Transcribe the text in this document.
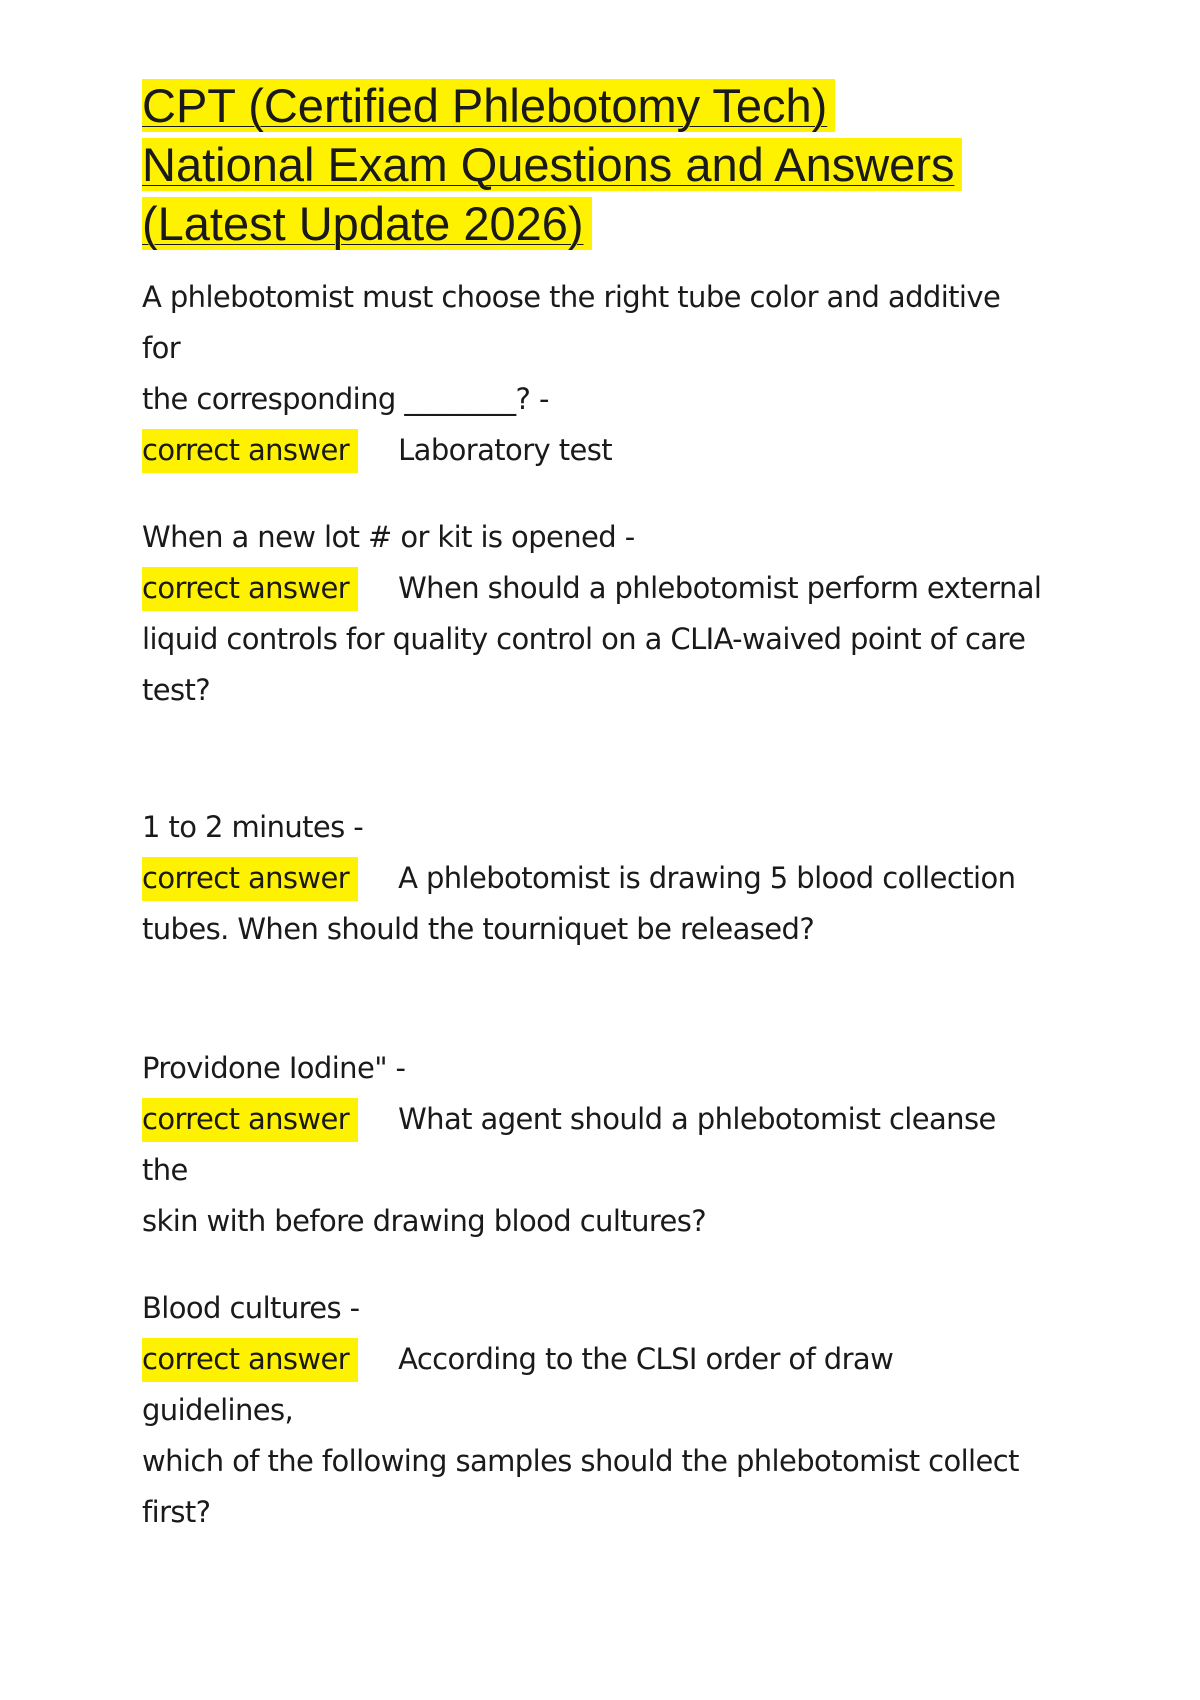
CPT (Certified Phlebotomy Tech)
National Exam Questions and Answers
(Latest Update 2026)

A phlebotomist must choose the right tube color and additive for
the corresponding ________? -

correct answer Laboratory test

When a new lot # or kit is opened -

correct answer When should a phlebotomist perform external
liquid controls for quality control on a CLIA-waived point of care
test?

1 to 2 minutes -

correct answer A phlebotomist is drawing 5 blood collection
tubes. When should the tourniquet be released?

Providone Iodine" -

correct answer What agent should a phlebotomist cleanse the
skin with before drawing blood cultures?

Blood cultures -

correct answer According to the CLSI order of draw guidelines,
which of the following samples should the phlebotomist collect
first?
